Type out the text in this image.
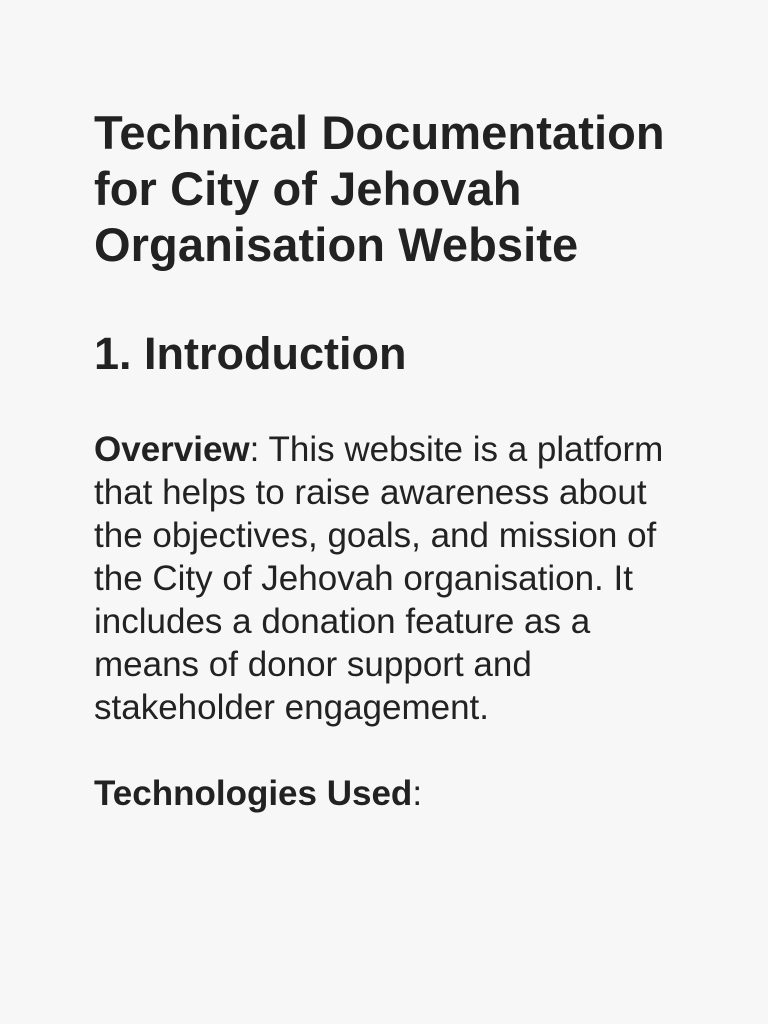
Technical Documentation for City of Jehovah Organisation Website
1. Introduction

Overview: This website is a platform that helps to raise awareness about the objectives, goals, and mission of the City of Jehovah organisation. It includes a donation feature as a means of donor support and stakeholder engagement.

Technologies Used:
